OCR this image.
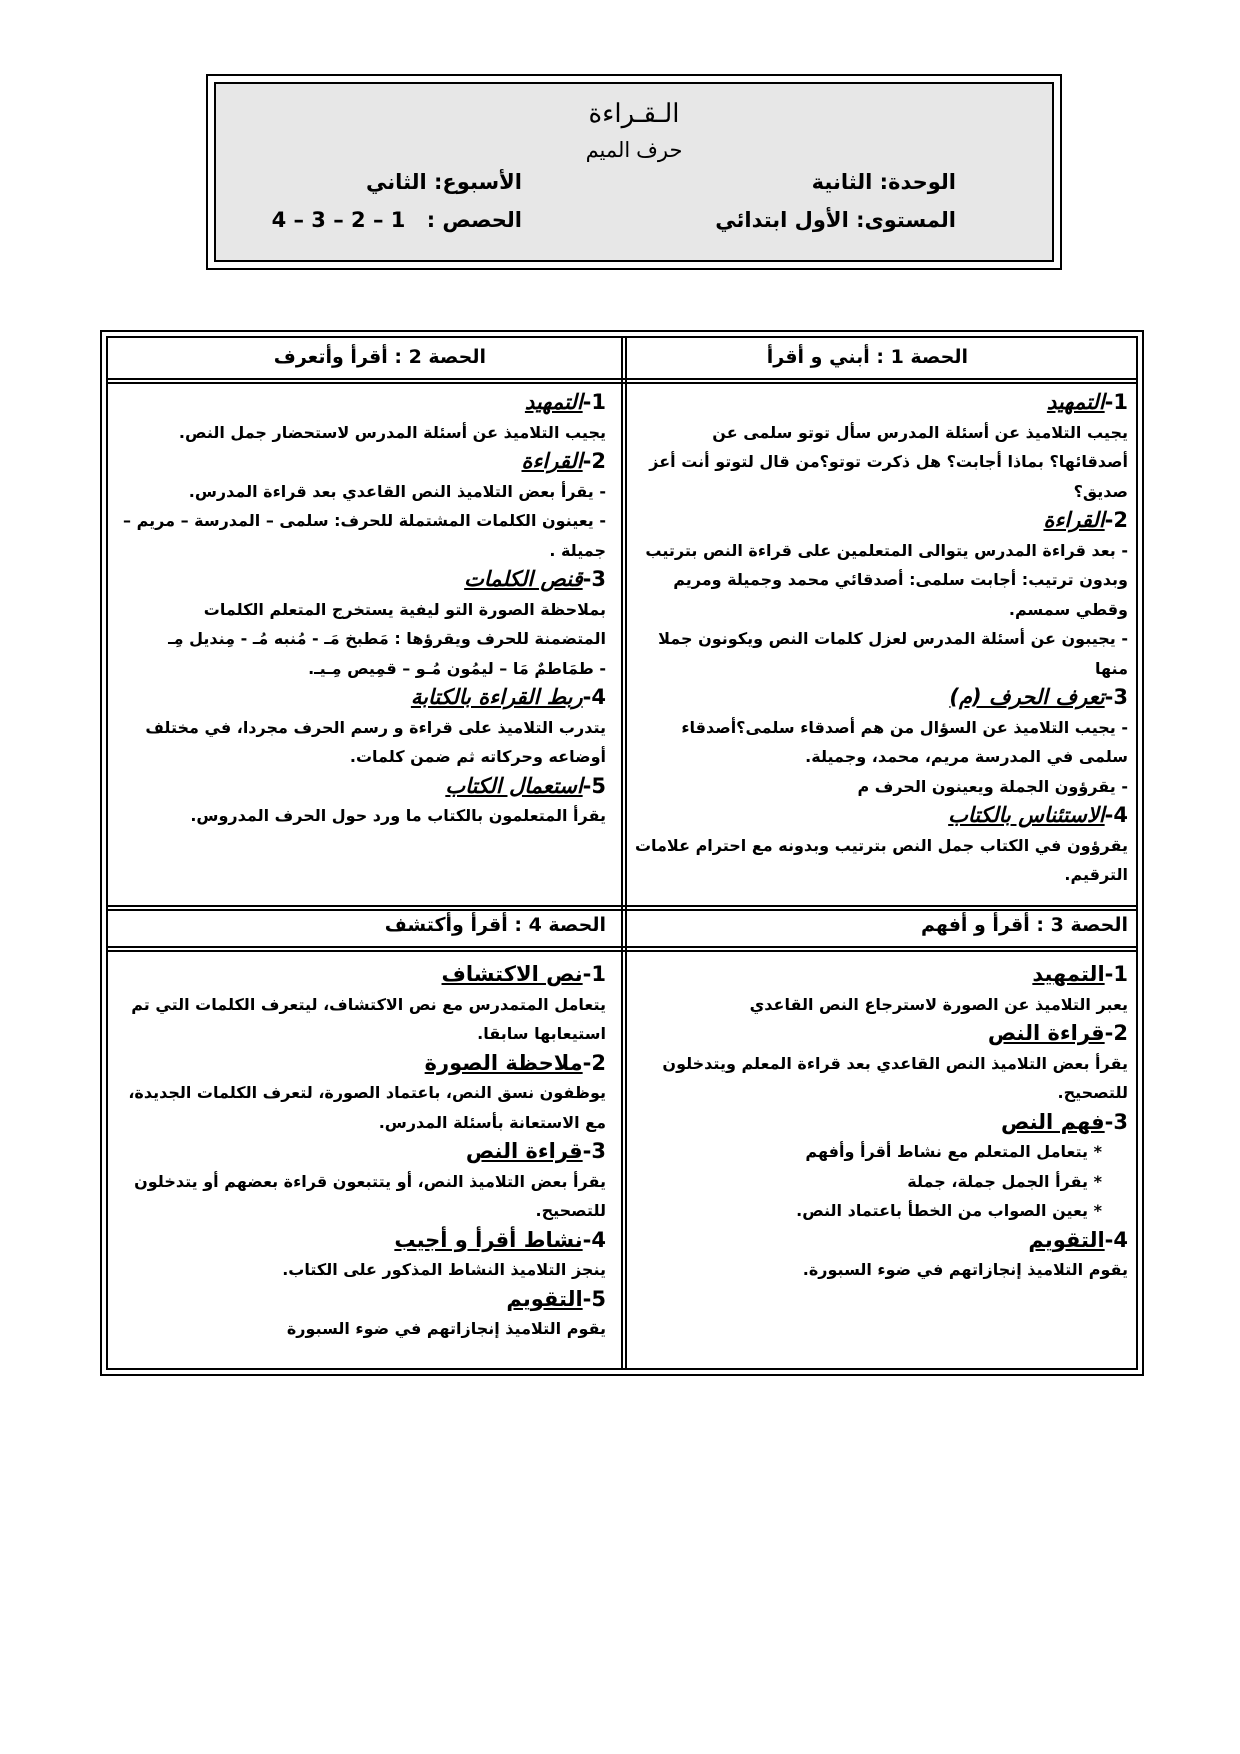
الـقـراءة
حرف الميم
الوحدة: الثانية
الأسبوع: الثاني
المستوى: الأول ابتدائي
الحصص : 4 – 3 – 2 – 1
الحصة 1 : أبني و أقرأ
الحصة 2 : أقرأ وأتعرف
الحصة 3 : أقرأ و أفهم
الحصة 4 : أقرأ وأكتشف
1-التمهيد
يجيب التلاميذ عن أسئلة المدرس سأل توتو سلمى عن أصدقائها؟ بماذا أجابت؟ هل ذكرت توتو؟من قال لتوتو أنت أعز صديق؟
2-القراءة
- بعد قراءة المدرس يتوالى المتعلمين على قراءة النص بترتيب وبدون ترتيب: أجابت سلمى: أصدقائي محمد وجميلة ومريم وقطي سمسم.
- يجيبون عن أسئلة المدرس لعزل كلمات النص ويكونون جملا منها
3-تعرف الحرف (م)
- يجيب التلاميذ عن السؤال من هم أصدقاء سلمى؟أصدقاء سلمى في المدرسة مريم، محمد، وجميلة.
- يقرؤون الجملة ويعينون الحرف م
4-الاستئناس بالكتاب
يقرؤون في الكتاب جمل النص بترتيب وبدونه مع احترام علامات الترقيم.
1-التمهيد
يجيب التلاميذ عن أسئلة المدرس لاستحضار جمل النص.
2-القراءة
- يقرأ بعض التلاميذ النص القاعدي بعد قراءة المدرس.
- يعينون الكلمات المشتملة للحرف: سلمى – المدرسة – مريم – جميلة .
3-قنص الكلمات
بملاحظة الصورة التو ليفية يستخرج المتعلم الكلمات
المتضمنة للحرف ويقرؤها : مَطبخ مَـ - مُنبه مُـ - مِنديل مِـ
- طمَاطمٌ مَا – ليمُون مُـو – قمِيص مِـيـ.
4-ربط القراءة بالكتابة
يتدرب التلاميذ على قراءة و رسم الحرف مجردا، في مختلف أوضاعه وحركاته ثم ضمن كلمات.
5-استعمال الكتاب
يقرأ المتعلمون بالكتاب ما ورد حول الحرف المدروس.
1-التمهيد
يعبر التلاميذ عن الصورة لاسترجاع النص القاعدي
2-قراءة النص
يقرأ بعض التلاميذ النص القاعدي بعد قراءة المعلم ويتدخلون للتصحيح.
3-فهم النص
* يتعامل المتعلم مع نشاط أقرأ وأفهم
* يقرأ الجمل جملة، جملة
* يعين الصواب من الخطأ باعتماد النص.
4-التقويم
يقوم التلاميذ إنجازاتهم في ضوء السبورة.
1-نص الاكتشاف
يتعامل المتمدرس مع نص الاكتشاف، ليتعرف الكلمات التي تم استيعابها سابقا.
2-ملاحظة الصورة
يوظفون نسق النص، باعتماد الصورة، لتعرف الكلمات الجديدة، مع الاستعانة بأسئلة المدرس.
3-قراءة النص
يقرأ بعض التلاميذ النص، أو يتتبعون قراءة بعضهم أو يتدخلون للتصحيح.
4-نشاط أقرأ و أجيب
ينجز التلاميذ النشاط المذكور على الكتاب.
5-التقويم
يقوم التلاميذ إنجازاتهم في ضوء السبورة
